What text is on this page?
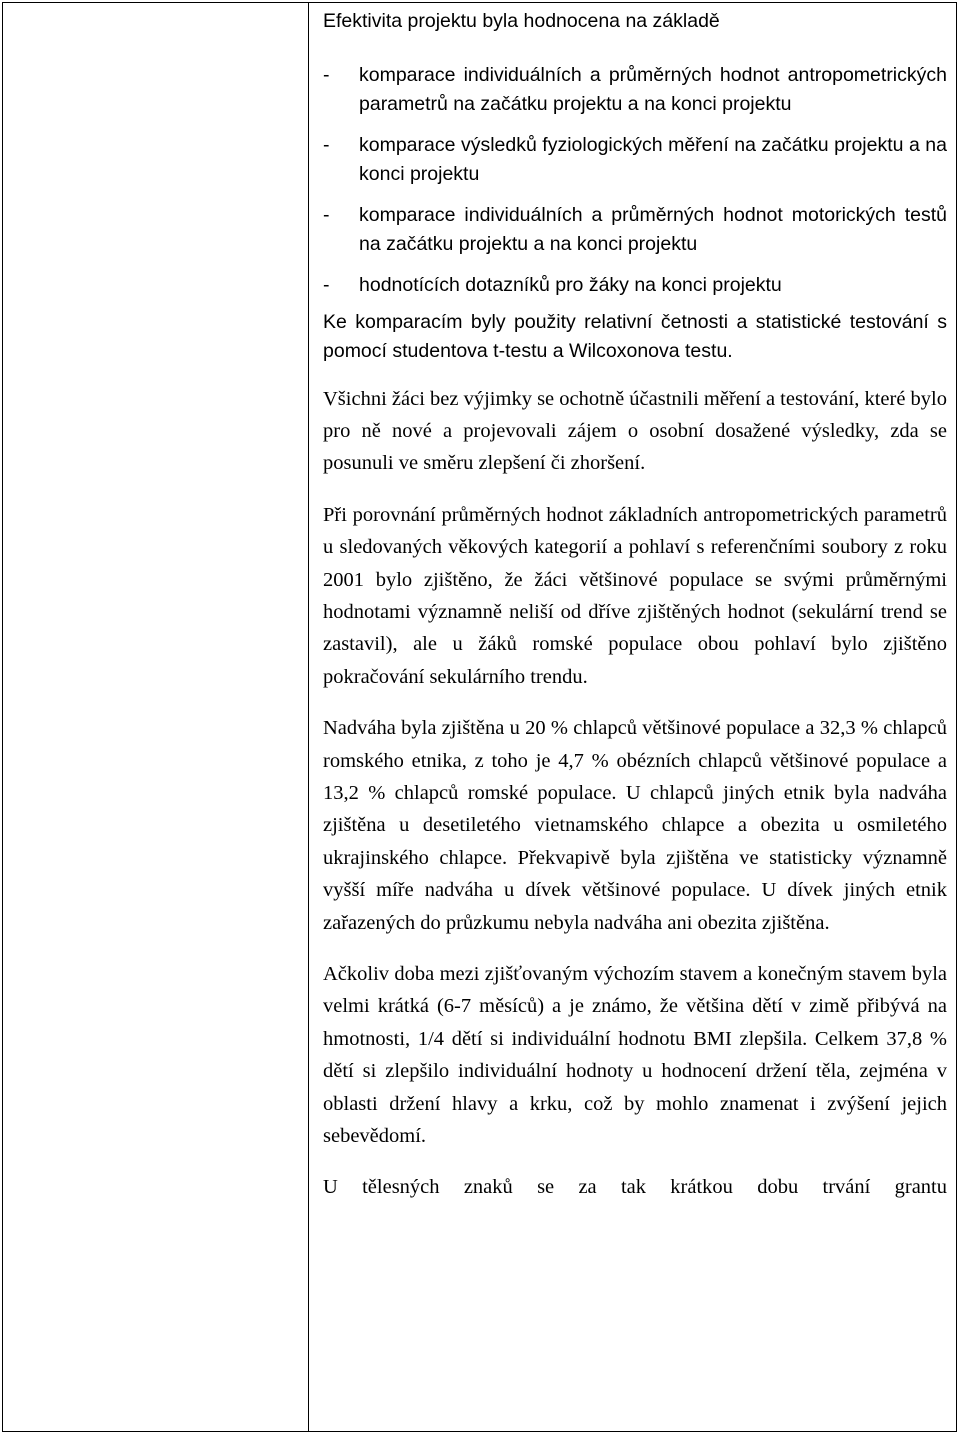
Efektivita projektu byla hodnocena na základě

- komparace individuálních a průměrných hodnot antropometrických parametrů na začátku projektu a na konci projektu
- komparace výsledků fyziologických měření na začátku projektu a na konci projektu
- komparace individuálních a průměrných hodnot motorických testů na začátku projektu a na konci projektu
- hodnotících dotazníků pro žáky na konci projektu

Ke komparacím byly použity relativní četnosti a statistické testování s pomocí studentova t-testu a Wilcoxonova testu.

Všichni žáci bez výjimky se ochotně účastnili měření a testování, které bylo pro ně nové a projevovali zájem o osobní dosažené výsledky, zda se posunuli ve směru zlepšení či zhoršení.

Při porovnání průměrných hodnot základních antropometrických parametrů u sledovaných věkových kategorií a pohlaví s referenčními soubory z roku 2001 bylo zjištěno, že žáci většinové populace se svými průměrnými hodnotami významně neliší od dříve zjištěných hodnot (sekulární trend se zastavil), ale u žáků romské populace obou pohlaví bylo zjištěno pokračování sekulárního trendu.

Nadváha byla zjištěna u 20 % chlapců většinové populace a 32,3 % chlapců romského etnika, z toho je 4,7 % obézních chlapců většinové populace a 13,2 % chlapců romské populace. U chlapců jiných etnik byla nadváha zjištěna u desetiletého vietnamského chlapce a obezita u osmiletého ukrajinského chlapce. Překvapivě byla zjištěna ve statisticky významně vyšší míře nadváha u dívek většinové populace. U dívek jiných etnik zařazených do průzkumu nebyla nadváha ani obezita zjištěna.

Ačkoliv doba mezi zjišťovaným výchozím stavem a konečným stavem byla velmi krátká (6-7 měsíců) a je známo, že většina dětí v zimě přibývá na hmotnosti, 1/4 dětí si individuální hodnotu BMI zlepšila. Celkem 37,8 % dětí si zlepšilo individuální hodnoty u hodnocení držení těla, zejména v oblasti držení hlavy a krku, což by mohlo znamenat i zvýšení jejich sebevědomí.

U tělesných znaků se za tak krátkou dobu trvání grantu
